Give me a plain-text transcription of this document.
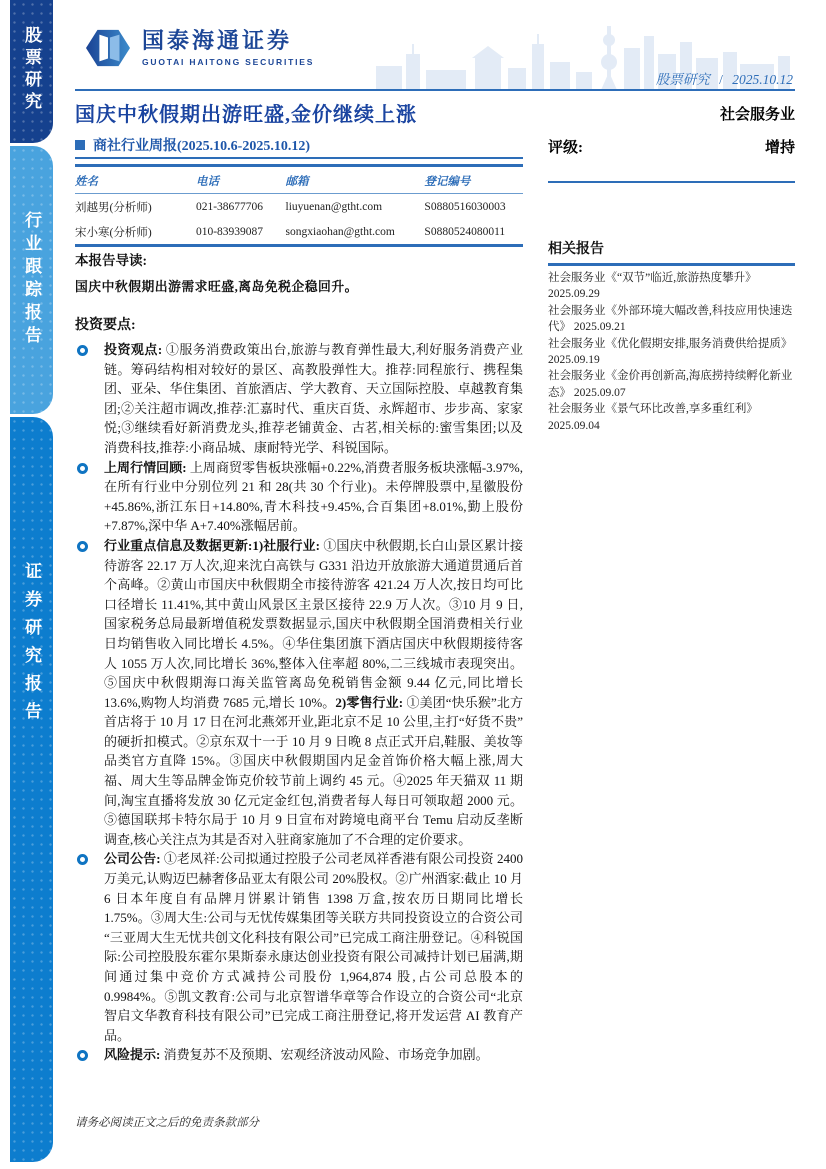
股票研究
行业跟踪报告
证券研究报告
国泰海通证券
GUOTAI HAITONG SECURITIES
股票研究 / 2025.10.12
国庆中秋假期出游旺盛,金价继续上涨	社会服务业
商社行业周报(2025.10.6-2025.10.12)	评级:	增持
姓名	电话	邮箱	登记编号
刘越男(分析师)	021-38677706	liuyuenan@gtht.com	S0880516030003
宋小寒(分析师)	010-83939087	songxiaohan@gtht.com	S0880524080011
本报告导读:
国庆中秋假期出游需求旺盛,离岛免税企稳回升。
投资要点:
投资观点: ①服务消费政策出台,旅游与教育弹性最大,利好服务消费产业链。筹码结构相对较好的景区、高教股弹性大。推荐:同程旅行、携程集团、亚朵、华住集团、首旅酒店、学大教育、天立国际控股、卓越教育集团;②关注超市调改,推荐:汇嘉时代、重庆百货、永辉超市、步步高、家家悦;③继续看好新消费龙头,推荐老铺黄金、古茗,相关标的:蜜雪集团;以及消费科技,推荐:小商品城、康耐特光学、科锐国际。
上周行情回顾: 上周商贸零售板块涨幅+0.22%,消费者服务板块涨幅-3.97%,在所有行业中分别位列 21 和 28(共 30 个行业)。未停牌股票中,星徽股份+45.86%,浙江东日+14.80%,青木科技+9.45%,合百集团+8.01%,勤上股份+7.87%,深中华 A+7.40%涨幅居前。
行业重点信息及数据更新:1)社服行业: ①国庆中秋假期,长白山景区累计接待游客 22.17 万人次,迎来沈白高铁与 G331 沿边开放旅游大通道贯通后首个高峰。②黄山市国庆中秋假期全市接待游客 421.24 万人次,按日均可比口径增长 11.41%,其中黄山风景区主景区接待 22.9 万人次。③10 月 9 日,国家税务总局最新增值税发票数据显示,国庆中秋假期全国消费相关行业日均销售收入同比增长 4.5%。④华住集团旗下酒店国庆中秋假期接待客人 1055 万人次,同比增长 36%,整体入住率超 80%,二三线城市表现突出。⑤国庆中秋假期海口海关监管离岛免税销售金额 9.44 亿元,同比增长 13.6%,购物人均消费 7685 元,增长 10%。2)零售行业: ①美团“快乐猴”北方首店将于 10 月 17 日在河北燕郊开业,距北京不足 10 公里,主打“好货不贵”的硬折扣模式。②京东双十一于 10 月 9 日晚 8 点正式开启,鞋服、美妆等品类官方直降 15%。③国庆中秋假期国内足金首饰价格大幅上涨,周大福、周大生等品牌金饰克价较节前上调约 45 元。④2025 年天猫双 11 期间,淘宝直播将发放 30 亿元定金红包,消费者每人每日可领取超 2000 元。⑤德国联邦卡特尔局于 10 月 9 日宣布对跨境电商平台 Temu 启动反垄断调查,核心关注点为其是否对入驻商家施加了不合理的定价要求。
公司公告: ①老凤祥:公司拟通过控股子公司老凤祥香港有限公司投资 2400 万美元,认购迈巴赫奢侈品亚太有限公司 20%股权。②广州酒家:截止 10 月 6 日本年度自有品牌月饼累计销售 1398 万盒,按农历日期同比增长 1.75%。③周大生:公司与无忧传媒集团等关联方共同投资设立的合资公司“三亚周大生无忧共创文化科技有限公司”已完成工商注册登记。④科锐国际:公司控股股东霍尔果斯泰永康达创业投资有限公司减持计划已届满,期间通过集中竞价方式减持公司股份 1,964,874 股,占公司总股本的 0.9984%。⑤凯文教育:公司与北京智谱华章等合作设立的合资公司“北京智启文华教育科技有限公司”已完成工商注册登记,将开发运营 AI 教育产品。
风险提示: 消费复苏不及预期、宏观经济波动风险、市场竞争加剧。
相关报告
社会服务业《“双节”临近,旅游热度攀升》 2025.09.29
社会服务业《外部环境大幅改善,科技应用快速迭代》 2025.09.21
社会服务业《优化假期安排,服务消费供给提质》 2025.09.19
社会服务业《金价再创新高,海底捞持续孵化新业态》 2025.09.07
社会服务业《景气环比改善,享多重红利》 2025.09.04
请务必阅读正文之后的免责条款部分
